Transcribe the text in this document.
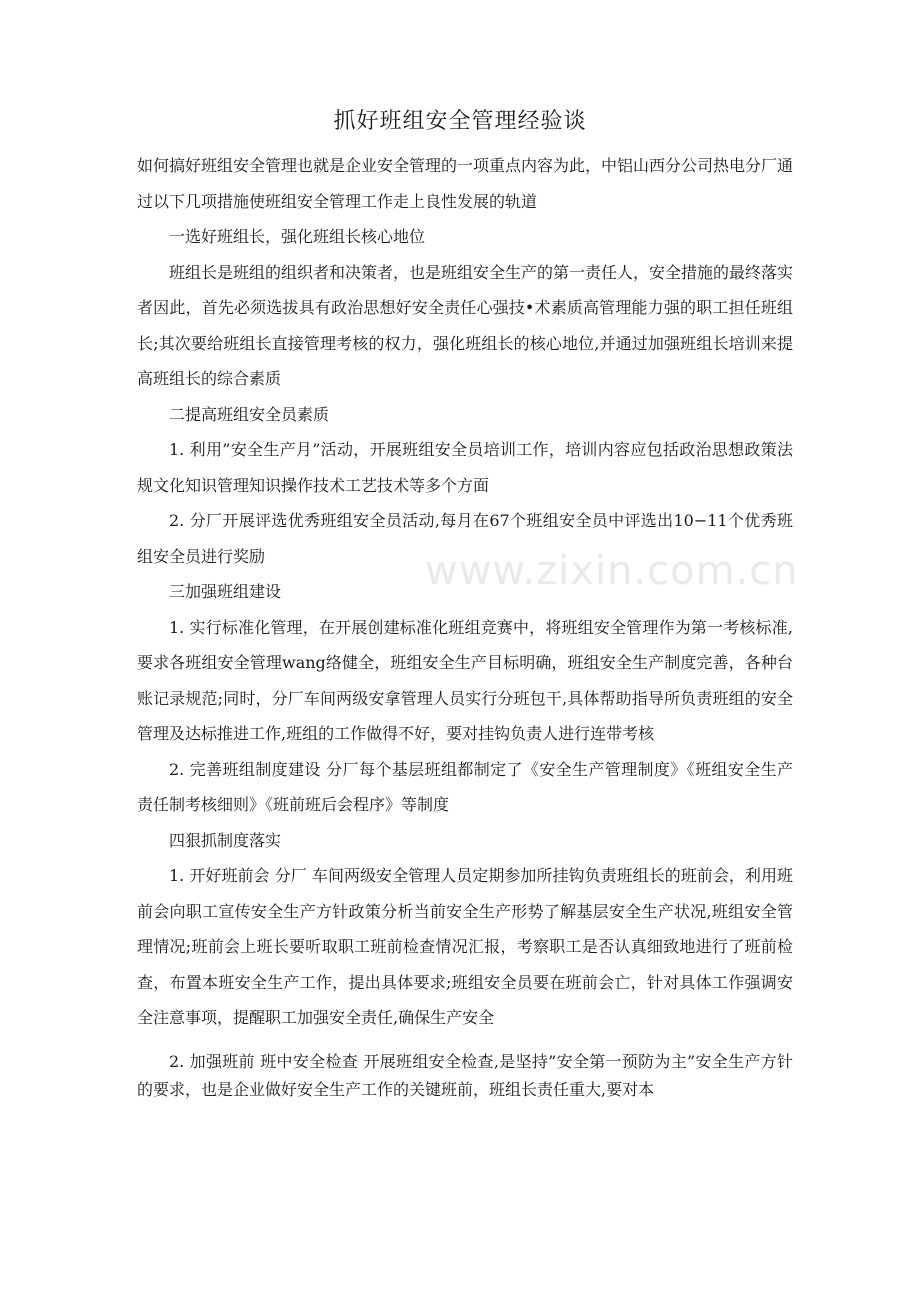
www.zixin.com.cn
抓好班组安全管理经验谈

如何搞好班组安全管理也就是企业安全管理的一项重点内容为此，中铝山西分公司热电分厂通过以下几项措施使班组安全管理工作走上良性发展的轨道

一选好班组长，强化班组长核心地位

班组长是班组的组织者和决策者，也是班组安全生产的第一责任人，安全措施的最终落实者因此，首先必须选拔具有政治思想好安全责任心强技•术素质高管理能力强的职工担任班组长;其次要给班组长直接管理考核的权力，强化班组长的核心地位,并通过加强班组长培训来提高班组长的综合素质

二提高班组安全员素质

1. 利用”安全生产月”活动，开展班组安全员培训工作，培训内容应包括政治思想政策法规文化知识管理知识操作技术工艺技术等多个方面

2. 分厂开展评选优秀班组安全员活动,每月在67个班组安全员中评选出10−11个优秀班组安全员进行奖励

三加强班组建设

1. 实行标准化管理，在开展创建标准化班组竞赛中，将班组安全管理作为第一考核标准,要求各班组安全管理wang络健全，班组安全生产目标明确，班组安全生产制度完善，各种台账记录规范;同时，分厂车间两级安拿管理人员实行分班包干,具体帮助指导所负责班组的安全管理及达标推进工作,班组的工作做得不好，要对挂钩负责人进行连带考核

2. 完善班组制度建设 分厂每个基层班组都制定了《安全生产管理制度》《班组安全生产责任制考核细则》《班前班后会程序》等制度

四狠抓制度落实

1. 开好班前会 分厂 车间两级安全管理人员定期参加所挂钩负责班组长的班前会，利用班前会向职工宣传安全生产方针政策分析当前安全生产形势了解基层安全生产状况,班组安全管理情况;班前会上班长要听取职工班前检查情况汇报，考察职工是否认真细致地进行了班前检查，布置本班安全生产工作，提出具体要求;班组安全员要在班前会亡，针对具体工作强调安全注意事项，提醒职工加强安全责任,确保生产安全

2. 加强班前 班中安全检查 开展班组安全检查,是坚持”安全第一预防为主”安全生产方针的要求，也是企业做好安全生产工作的关键班前，班组长责任重大,要对本
